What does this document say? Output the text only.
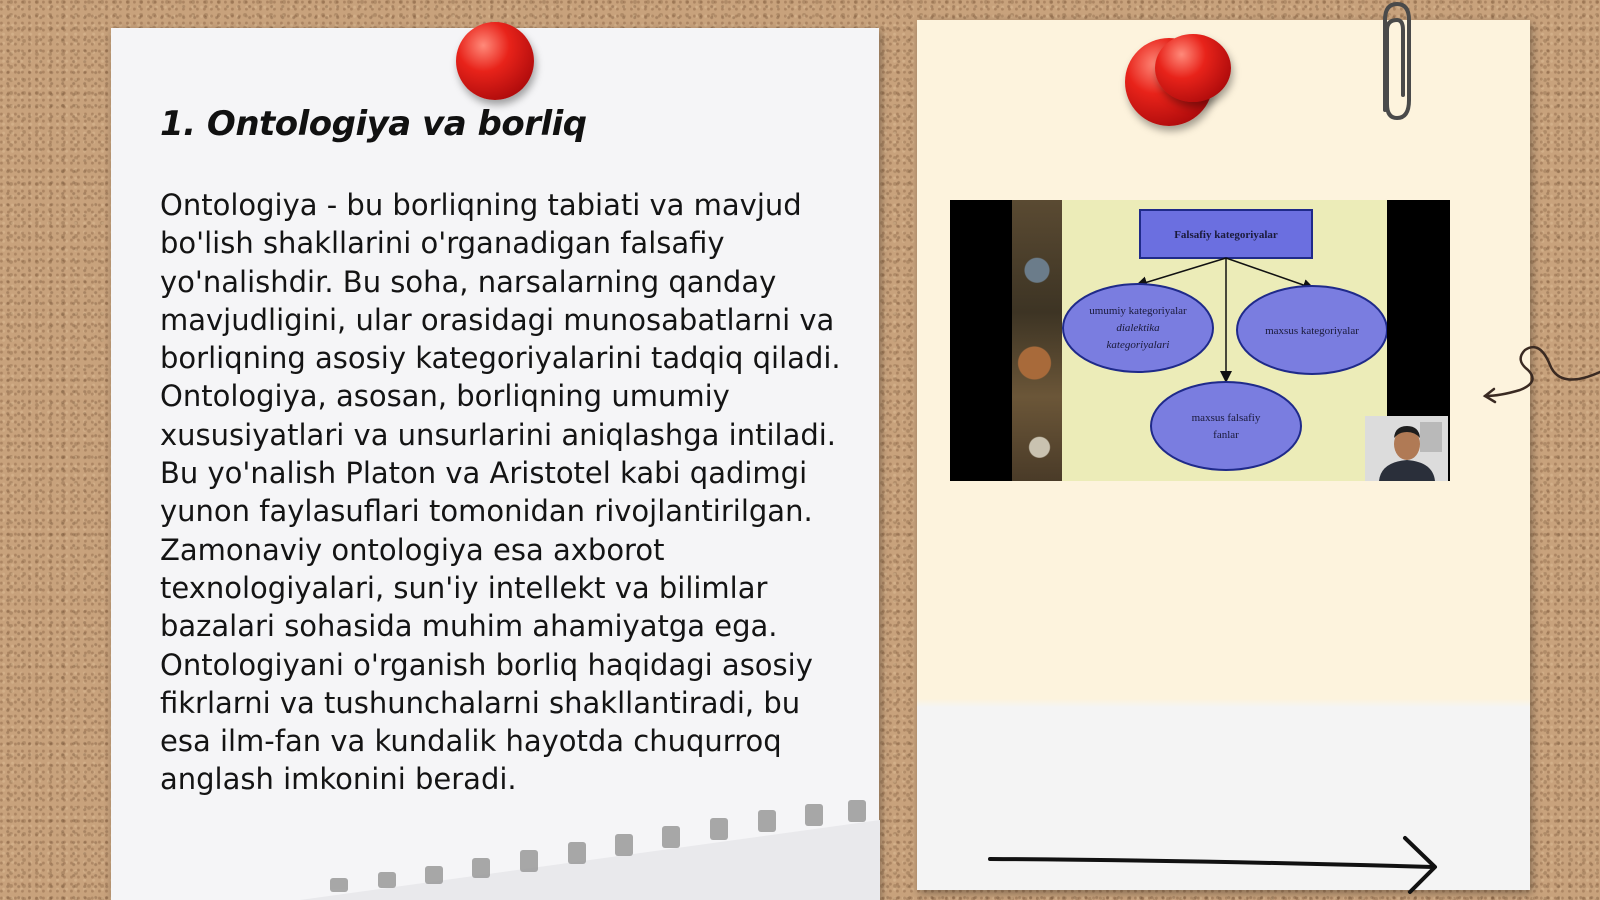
1. Ontologiya va borliq

Ontologiya - bu borliqning tabiati va mavjud bo'lish shakllarini o'rganadigan falsafiy yo'nalishdir. Bu soha, narsalarning qanday mavjudligini, ular orasidagi munosabatlarni va borliqning asosiy kategoriyalarini tadqiq qiladi. Ontologiya, asosan, borliqning umumiy xususiyatlari va unsurlarini aniqlashga intiladi. Bu yo'nalish Platon va Aristotel kabi qadimgi yunon faylasuflari tomonidan rivojlantirilgan. Zamonaviy ontologiya esa axborot texnologiyalari, sun'iy intellekt va bilimlar bazalari sohasida muhim ahamiyatga ega. Ontologiyani o'rganish borliq haqidagi asosiy fikrlarni va tushunchalarni shakllantiradi, bu esa ilm-fan va kundalik hayotda chuqurroq anglash imkonini beradi.

Falsafiy kategoriyalar
umumiy kategoriyalar
dialektika
kategoriyalari
maxsus kategoriyalar
maxsus falsafiy
fanlar
